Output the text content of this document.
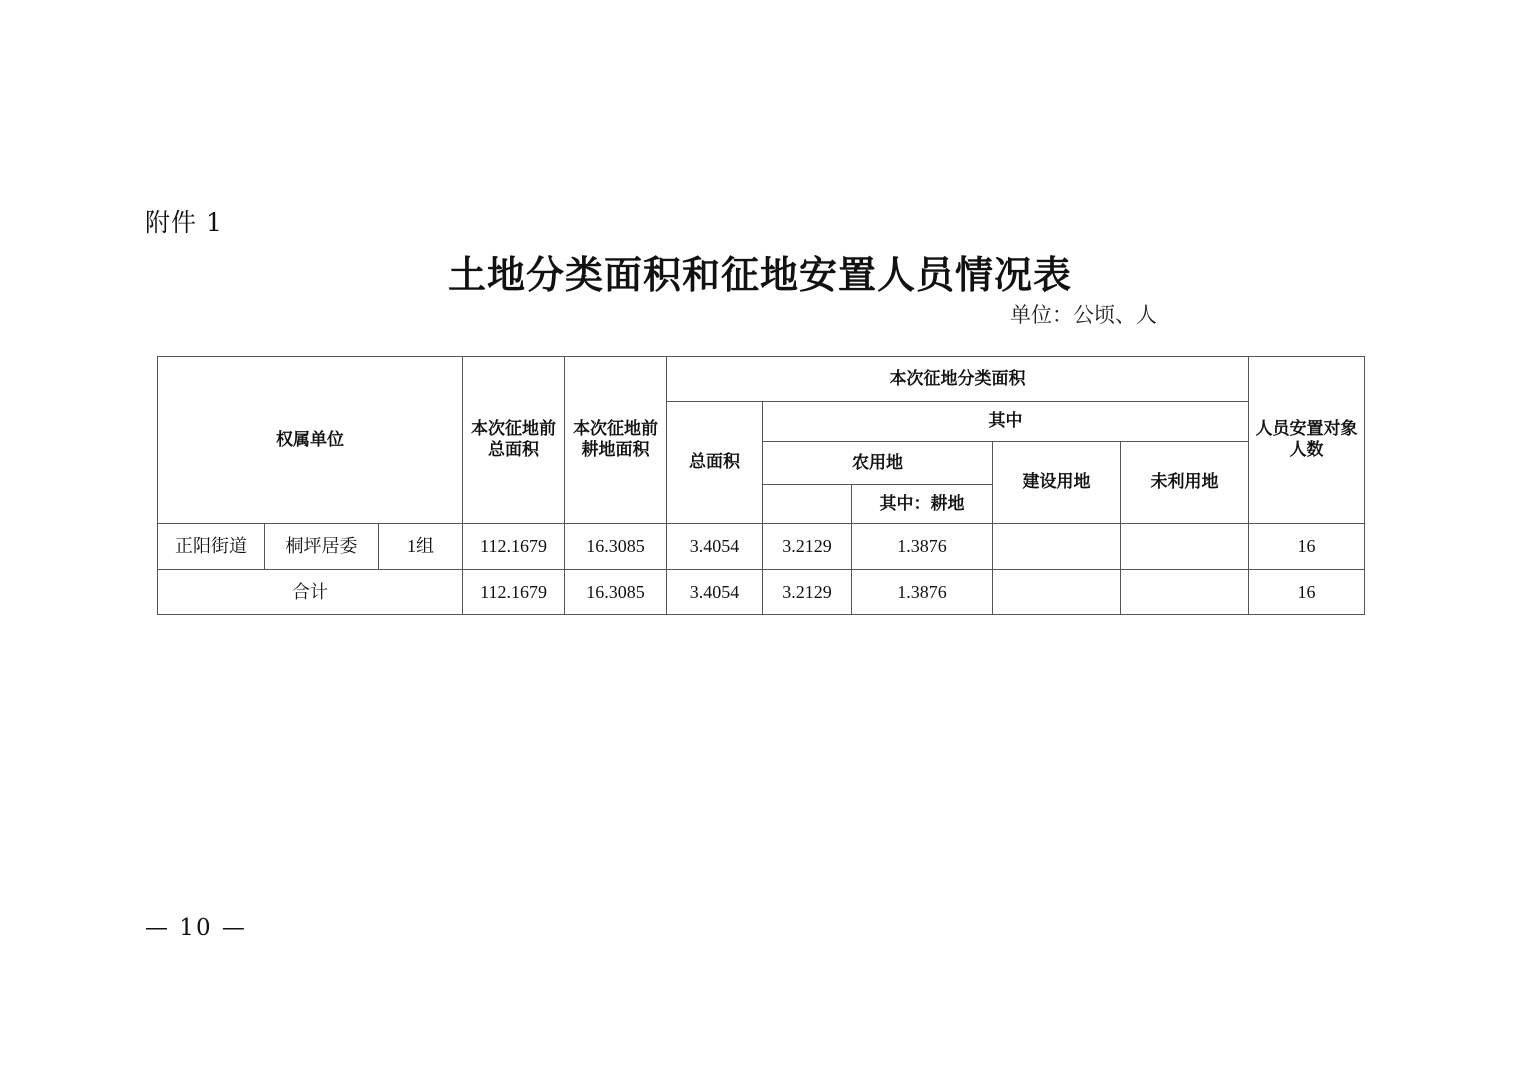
附件 1
土地分类面积和征地安置人员情况表
单位：公顷、人
权属单位			本次征地前总面积	本次征地前耕地面积	本次征地分类面积					人员安置对象人数
					总面积	其中				
						农用地		建设用地	未利用地	
							其中：耕地			
正阳街道	桐坪居委	1组	112.1679	16.3085	3.4054	3.2129	1.3876			16
合计			112.1679	16.3085	3.4054	3.2129	1.3876			16
— 10 —
